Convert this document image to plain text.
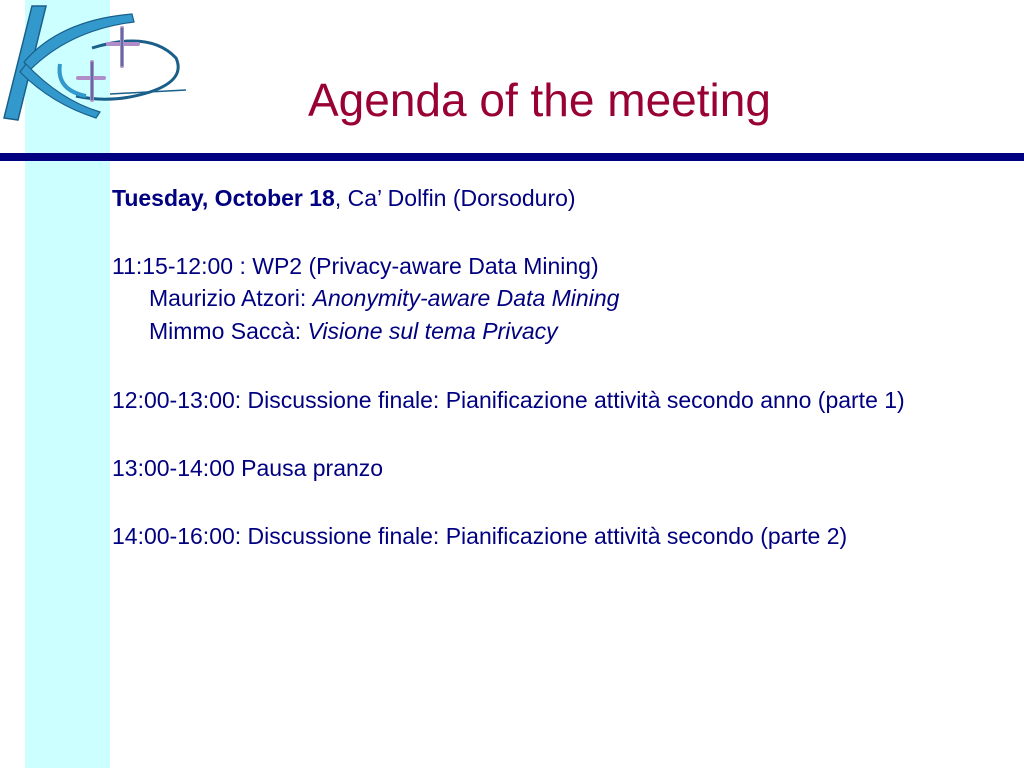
Agenda of the meeting

Tuesday, October 18, Ca’ Dolfin (Dorsoduro)

11:15-12:00 : WP2 (Privacy-aware Data Mining)

Maurizio Atzori: Anonymity-aware Data Mining

Mimmo Saccà: Visione sul tema Privacy

12:00-13:00: Discussione finale: Pianificazione attività secondo anno (parte 1)

13:00-14:00 Pausa pranzo

14:00-16:00: Discussione finale: Pianificazione attività secondo (parte 2)
